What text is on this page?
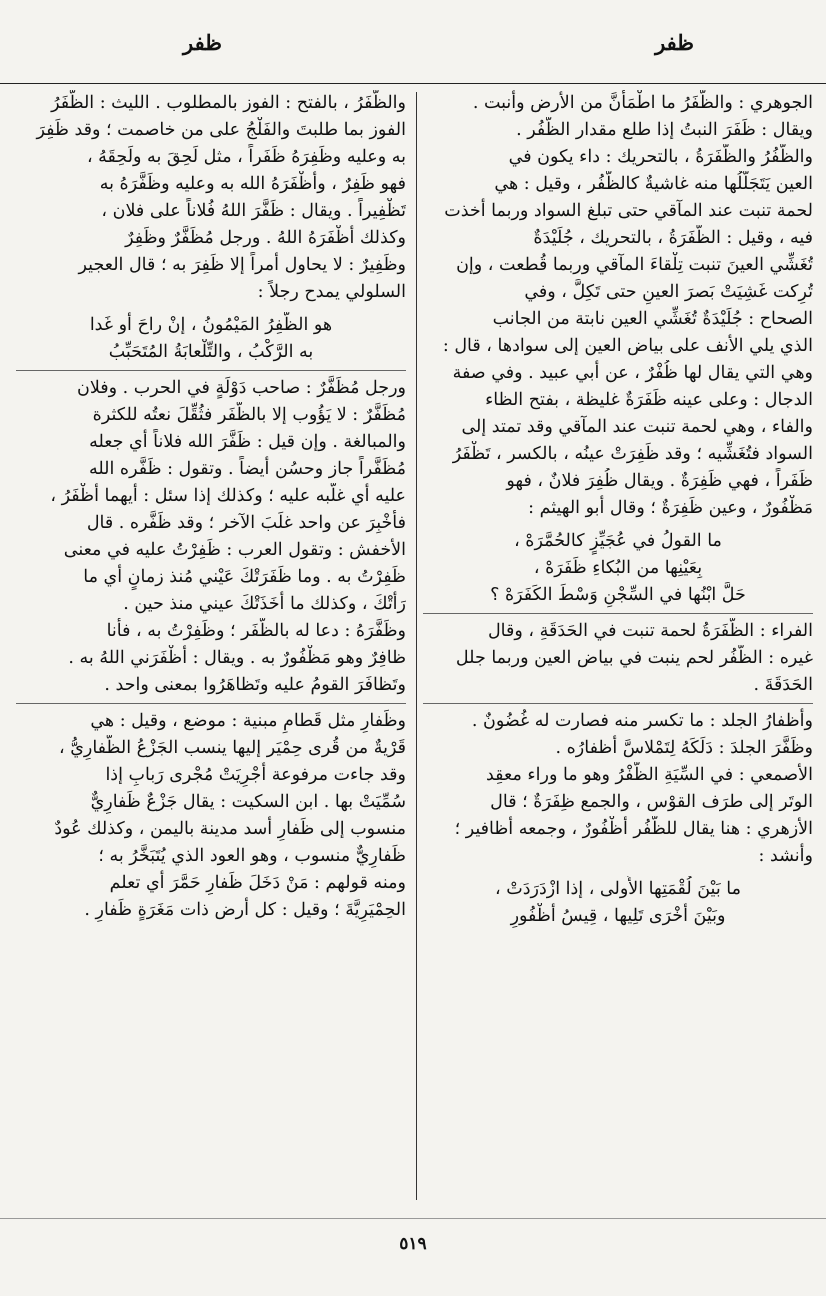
ظفر
ظفر
الجوهري : والظَّفَرُ ما اطْمَأَنَّ من الأرض وأنبت .
ويقال : ظَفَرَ النبتُ إذا طلع مقدار الظُّفُر .
والظُّفُرُ والظَّفَرَةُ ، بالتحريك : داء يكون في
العين يَتَجَلَّلُها منه غاشيةٌ كالظُّفُر ، وقيل : هي
لحمة تنبت عند المآقي حتى تبلغ السواد وربما أخذت
فيه ، وقيل : الظَّفَرَةُ ، بالتحريك ، جُلَيْدَةٌ
تُغَشِّي العينَ تنبت تِلْقاءَ المآقي وربما قُطعت ، وإن
تُرِكت غَشِيَتْ بَصرَ العينِ حتى تَكِلَّ ، وفي
الصحاح : جُلَيْدَةٌ تُغَشِّي العين نابتة من الجانب
الذي يلي الأنف على بياض العين إلى سوادها ، قال :
وهي التي يقال لها ظُفْرٌ ، عن أبي عبيد . وفي صفة
الدجال : وعلى عينه ظَفَرَةٌ غليظة ، بفتح الظاء
والفاء ، وهي لحمة تنبت عند المآقي وقد تمتد إلى
السواد فتُغَشِّيه ؛ وقد ظَفِرَتْ عينُه ، بالكسر ، تَظْفَرُ
ظَفَراً ، فهي ظَفِرَةٌ . ويقال ظُفِرَ فلانٌ ، فهو
مَظْفُورٌ ، وعين ظَفِرَةٌ ؛ وقال أبو الهيثم :
ما القولُ في عُجَيِّزٍ كالحُمَّرَهْ ،
بِعَيْنِها من البُكاءِ ظَفَرَهْ ،
حَلَّ ابْنُها في السِّجْنِ وَسْطَ الكَفَرَهْ ؟
الفراء : الظَّفَرَةُ لحمة تنبت في الحَدَقَةِ ، وقال
غيره : الظُّفُر لحم ينبت في بياض العين وربما جلل
الحَدَقَةَ .
وأظفارُ الجلد : ما تكسر منه فصارت له غُضُونٌ .
وظَفَّرَ الجلدَ : دَلَكَهُ لِتَمْلاسَّ أظفارُه .
الأصمعي : في السِّيَةِ الظُّفْرُ وهو ما وراء معقِد
الوتَر إلى طرَف القوْس ، والجمع ظِفَرَةٌ ؛ قال
الأزهري : هنا يقال للظُّفُر أُظْفُورٌ ، وجمعه أظافير ؛
وأنشد :
ما بَيْنَ لُقْمَتِها الأُولى ، إذا ازْدَرَدَتْ ،
وبَيْنَ أُخْرَى تَلِيها ، قِيسُ أُظْفُورِ
والظَّفَرُ ، بالفتح : الفوز بالمطلوب . الليث : الظَّفَرُ
الفوز بما طلبتَ والفَلْجُ على من خاصمت ؛ وقد ظَفِرَ
به وعليه وظَفِرَهُ ظَفَراً ، مثل لَحِقَ به ولَحِقَهُ ،
فهو ظَفِرٌ ، وأظْفَرَهُ الله به وعليه وظَفَّرَهُ به
تَظْفِيراً . ويقال : ظَفَّرَ اللهُ فُلاناً على فلان ،
وكذلك أظْفَرَهُ اللهُ . ورجل مُظَفَّرٌ وظَفِرٌ
وظَفِيرٌ : لا يحاول أمراً إلا ظَفِرَ به ؛ قال العجير
السلولي يمدح رجلاً :
هو الظَّفِرُ المَيْمُونُ ، إنْ راحَ أو غَدا
به الرَّكْبُ ، والتِّلْعابَةُ المُتَحَبِّبُ
ورجل مُظَفَّرٌ : صاحب دَوْلَةٍ في الحرب . وفلان
مُظَفَّرٌ : لا يَؤُوب إلا بالظَّفَر فثُقِّلَ نعتُه للكثرة
والمبالغة . وإن قيل : ظَفَّرَ الله فلاناً أي جعله
مُظَفَّراً جاز وحسُن أيضاً . وتقول : ظَفَّره الله
عليه أي غلَّبه عليه ؛ وكذلك إذا سئل : أيهما أظْفَرُ ،
فأُخْبِرَ عن واحد غلَبَ الآخر ؛ وقد ظَفَّره . قال
الأخفش : وتقول العرب : ظَفِرْتُ عليه في معنى
ظَفِرْتُ به . وما ظَفَرَتْكَ عَيْني مُنذ زمانٍ أي ما
رَأَتْكَ ، وكذلك ما أخَذَتْكَ عيني منذ حين .
وظَفَّرَهُ : دعا له بالظَّفَر ؛ وظَفِرْتُ به ، فأنا
ظافِرٌ وهو مَظْفُورٌ به . ويقال : أظْفَرَني اللهُ به .
وتَظافَرَ القومُ عليه وتَظاهَرُوا بمعنى واحد .
وظَفارِ مثل قَطامِ مبنية : موضع ، وقيل : هي
قَرْيةٌ من قُرى حِمْيَر إليها ينسب الجَزْعُ الظَّفارِيُّ ،
وقد جاءت مرفوعة أُجْرِيَتْ مُجْرى رَبابِ إذا
سُمِّيَتْ بها . ابن السكيت : يقال جَزْعٌ ظَفارِيٌّ
منسوب إلى ظَفارِ أسد مدينة باليمن ، وكذلك عُودٌ
ظَفارِيٌّ منسوب ، وهو العود الذي يُتَبَخَّرُ به ؛
ومنه قولهم : مَنْ دَخَلَ ظَفارِ حَمَّرَ أي تعلم
الحِمْيَرِيَّةَ ؛ وقيل : كل أرض ذات مَغَرَةٍ ظَفارِ .
٥١٩
